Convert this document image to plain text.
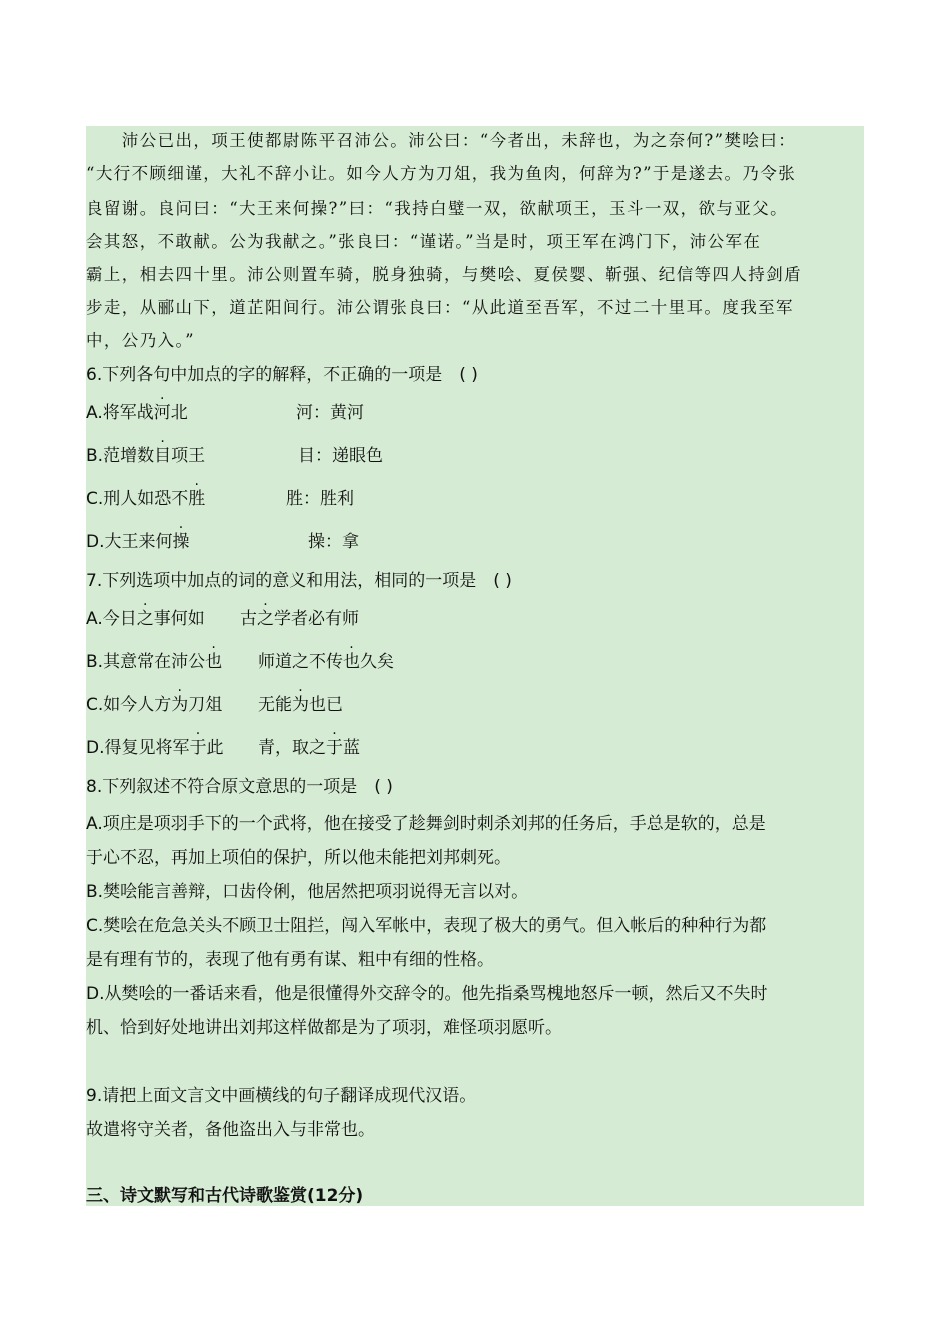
　　沛公已出，项王使都尉陈平召沛公。沛公曰：“今者出，未辞也，为之奈何?”樊哙曰：
“大行不顾细谨，大礼不辞小让。如今人方为刀俎，我为鱼肉，何辞为?”于是遂去。乃令张
良留谢。良问曰：“大王来何操?”曰：“我持白璧一双，欲献项王，玉斗一双，欲与亚父。
会其怒，不敢献。公为我献之。”张良曰：“谨诺。”当是时，项王军在鸿门下，沛公军在
霸上，相去四十里。沛公则置车骑，脱身独骑，与樊哙、夏侯婴、靳强、纪信等四人持剑盾
步走，从郦山下，道芷阳间行。沛公谓张良曰：“从此道至吾军，不过二十里耳。度我至军
中，公乃入。”
6.下列各句中加点的字的解释，不正确的一项是　( )
A.将军战河北	河：黄河
B.范增数目项王	目：递眼色
C.刑人如恐不胜	胜：胜利
D.大王来何操	操：拿
7.下列选项中加点的词的意义和用法，相同的一项是　( )
A.今日之事何如 古之学者必有师
B.其意常在沛公也 师道之不传也久矣
C.如今人方为刀俎 无能为也已
D.得复见将军于此 青，取之于蓝
8.下列叙述不符合原文意思的一项是　( )
A.项庄是项羽手下的一个武将，他在接受了趁舞剑时刺杀刘邦的任务后，手总是软的，总是
于心不忍，再加上项伯的保护，所以他未能把刘邦刺死。
B.樊哙能言善辩，口齿伶俐，他居然把项羽说得无言以对。
C.樊哙在危急关头不顾卫士阻拦，闯入军帐中，表现了极大的勇气。但入帐后的种种行为都
是有理有节的，表现了他有勇有谋、粗中有细的性格。
D.从樊哙的一番话来看，他是很懂得外交辞令的。他先指桑骂槐地怒斥一顿，然后又不失时
机、恰到好处地讲出刘邦这样做都是为了项羽，难怪项羽愿听。
9.请把上面文言文中画横线的句子翻译成现代汉语。
故遣将守关者，备他盗出入与非常也。
三、诗文默写和古代诗歌鉴赏(12分)
